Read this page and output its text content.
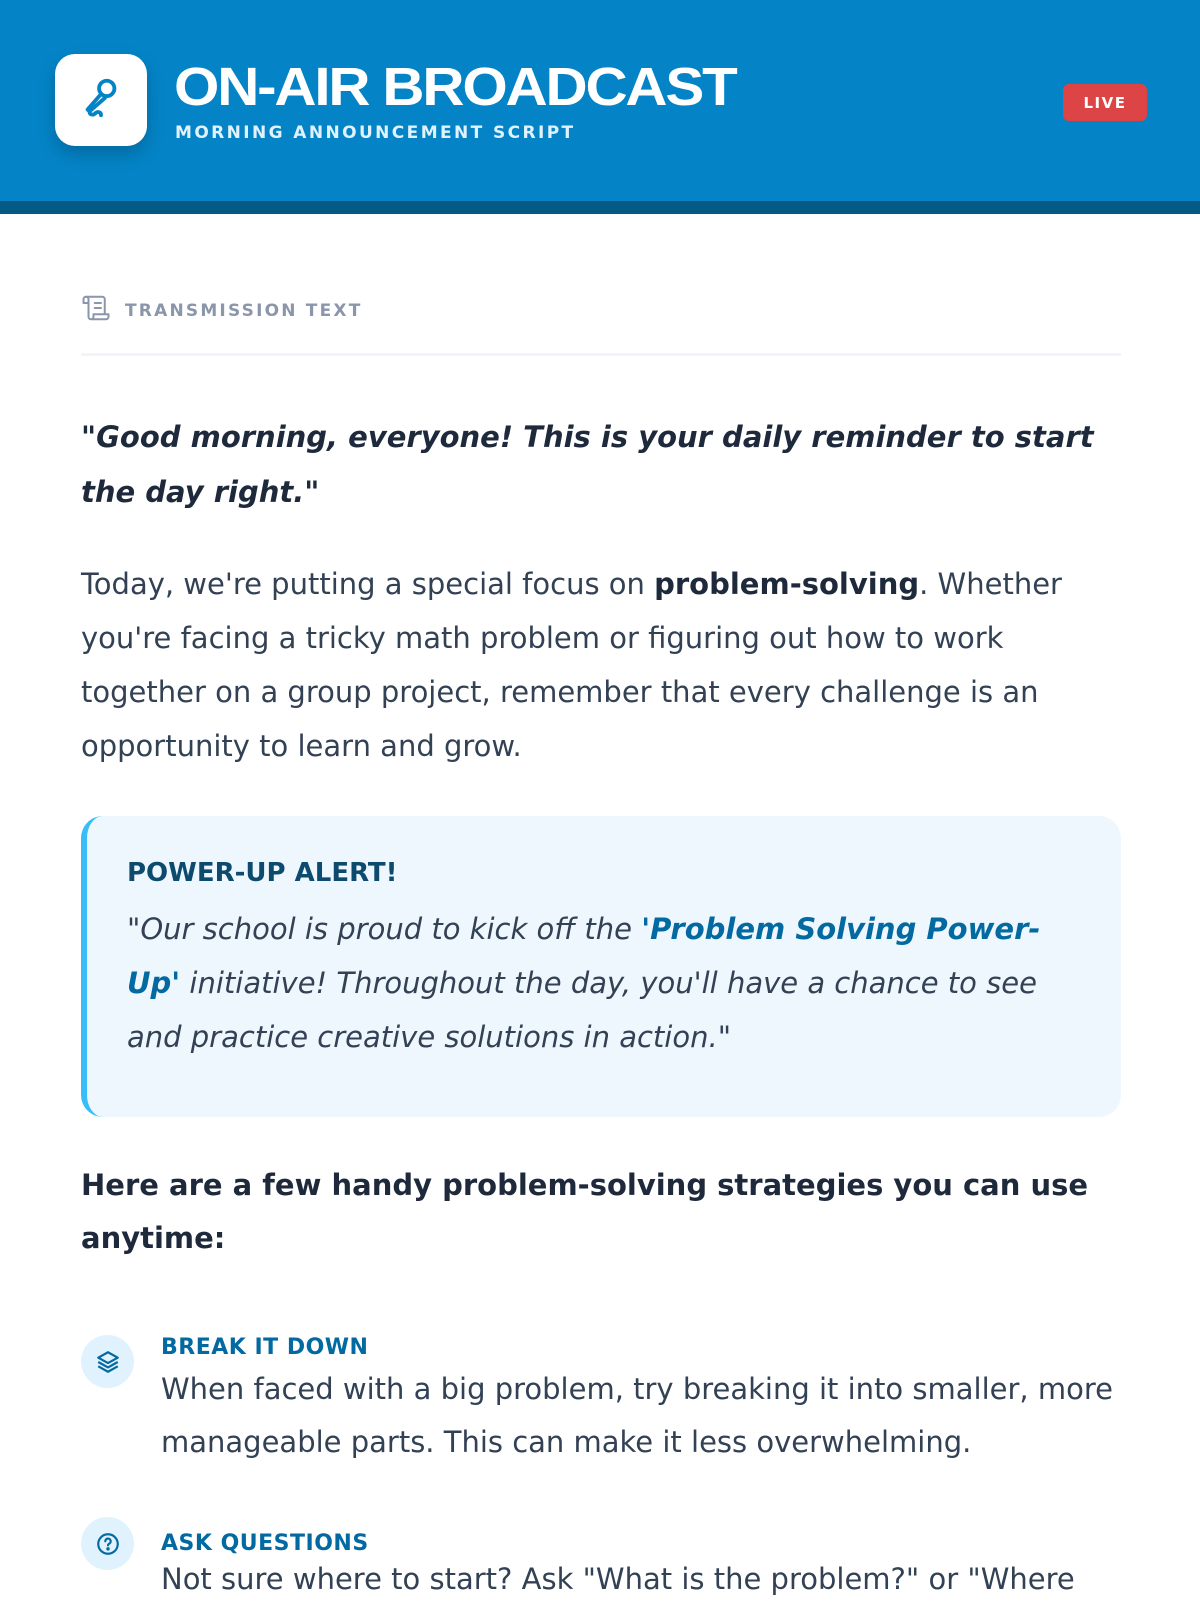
ON-AIR BROADCAST
MORNING ANNOUNCEMENT SCRIPT
LIVE
TRANSMISSION TEXT
"Good morning, everyone! This is your daily reminder to start the day right."
Today, we're putting a special focus on problem-solving. Whether you're facing a tricky math problem or figuring out how to work together on a group project, remember that every challenge is an opportunity to learn and grow.
POWER-UP ALERT!

"Our school is proud to kick off the 'Problem Solving Power-Up' initiative! Throughout the day, you'll have a chance to see and practice creative solutions in action."

Here are a few handy problem-solving strategies you can use anytime:
BREAK IT DOWN
When faced with a big problem, try breaking it into smaller, more manageable parts. This can make it less overwhelming.
ASK QUESTIONS
Not sure where to start? Ask "What is the problem?" or "Where
